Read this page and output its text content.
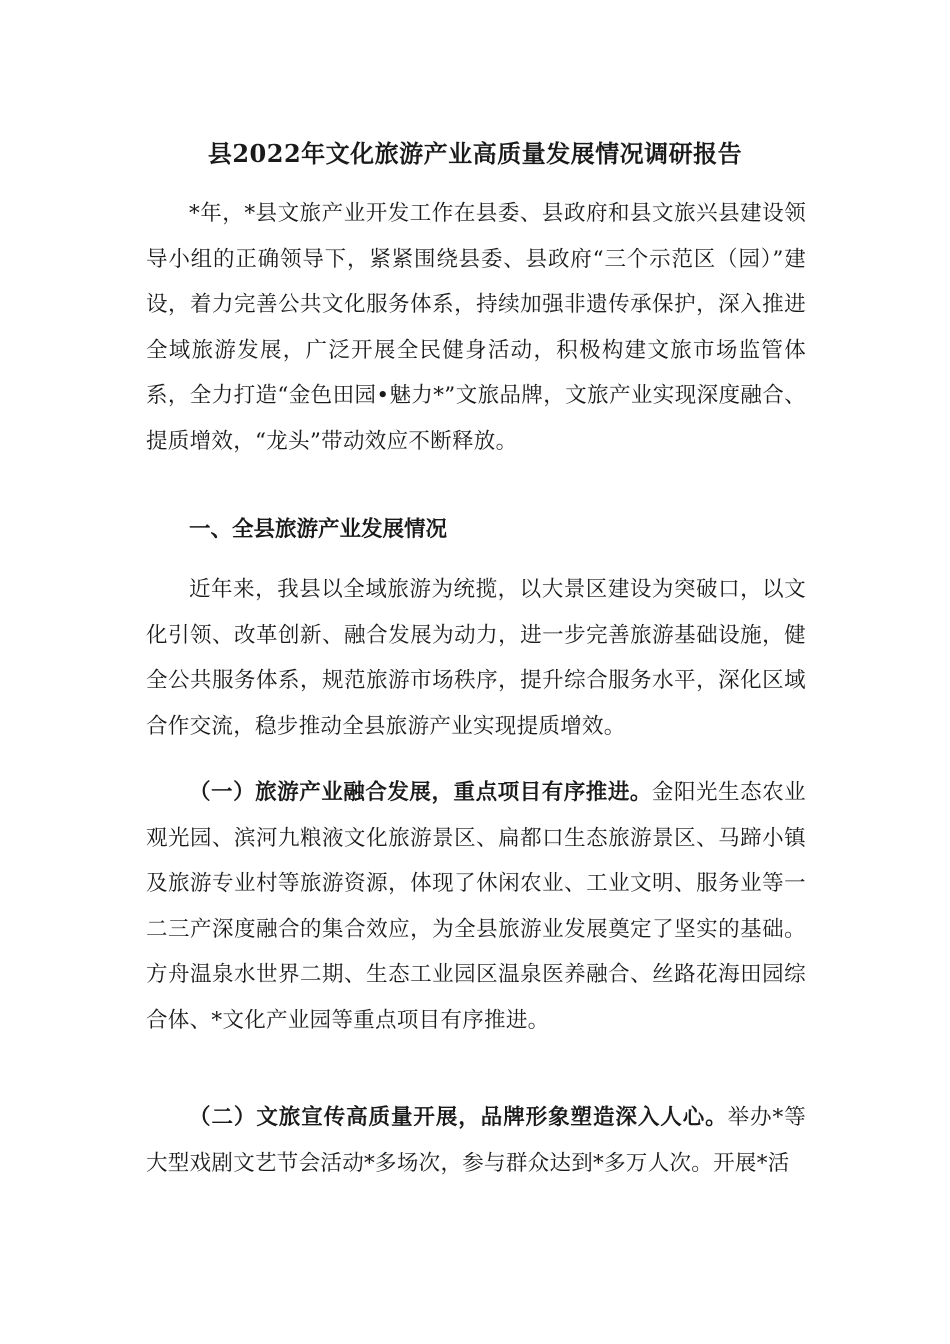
县2022年文化旅游产业高质量发展情况调研报告

*年，*县文旅产业开发工作在县委、县政府和县文旅兴县建设领导小组的正确领导下，紧紧围绕县委、县政府“三个示范区（园）”建设，着力完善公共文化服务体系，持续加强非遗传承保护，深入推进全域旅游发展，广泛开展全民健身活动，积极构建文旅市场监管体系，全力打造“金色田园•魅力*”文旅品牌，文旅产业实现深度融合、提质增效，“龙头”带动效应不断释放。

一、全县旅游产业发展情况

近年来，我县以全域旅游为统揽，以大景区建设为突破口，以文化引领、改革创新、融合发展为动力，进一步完善旅游基础设施，健全公共服务体系，规范旅游市场秩序，提升综合服务水平，深化区域合作交流，稳步推动全县旅游产业实现提质增效。

（一）旅游产业融合发展，重点项目有序推进。金阳光生态农业观光园、滨河九粮液文化旅游景区、扁都口生态旅游景区、马蹄小镇及旅游专业村等旅游资源，体现了休闲农业、工业文明、服务业等一二三产深度融合的集合效应，为全县旅游业发展奠定了坚实的基础。方舟温泉水世界二期、生态工业园区温泉医养融合、丝路花海田园综合体、*文化产业园等重点项目有序推进。

（二）文旅宣传高质量开展，品牌形象塑造深入人心。举办*等大型戏剧文艺节会活动*多场次，参与群众达到*多万人次。开展*活
